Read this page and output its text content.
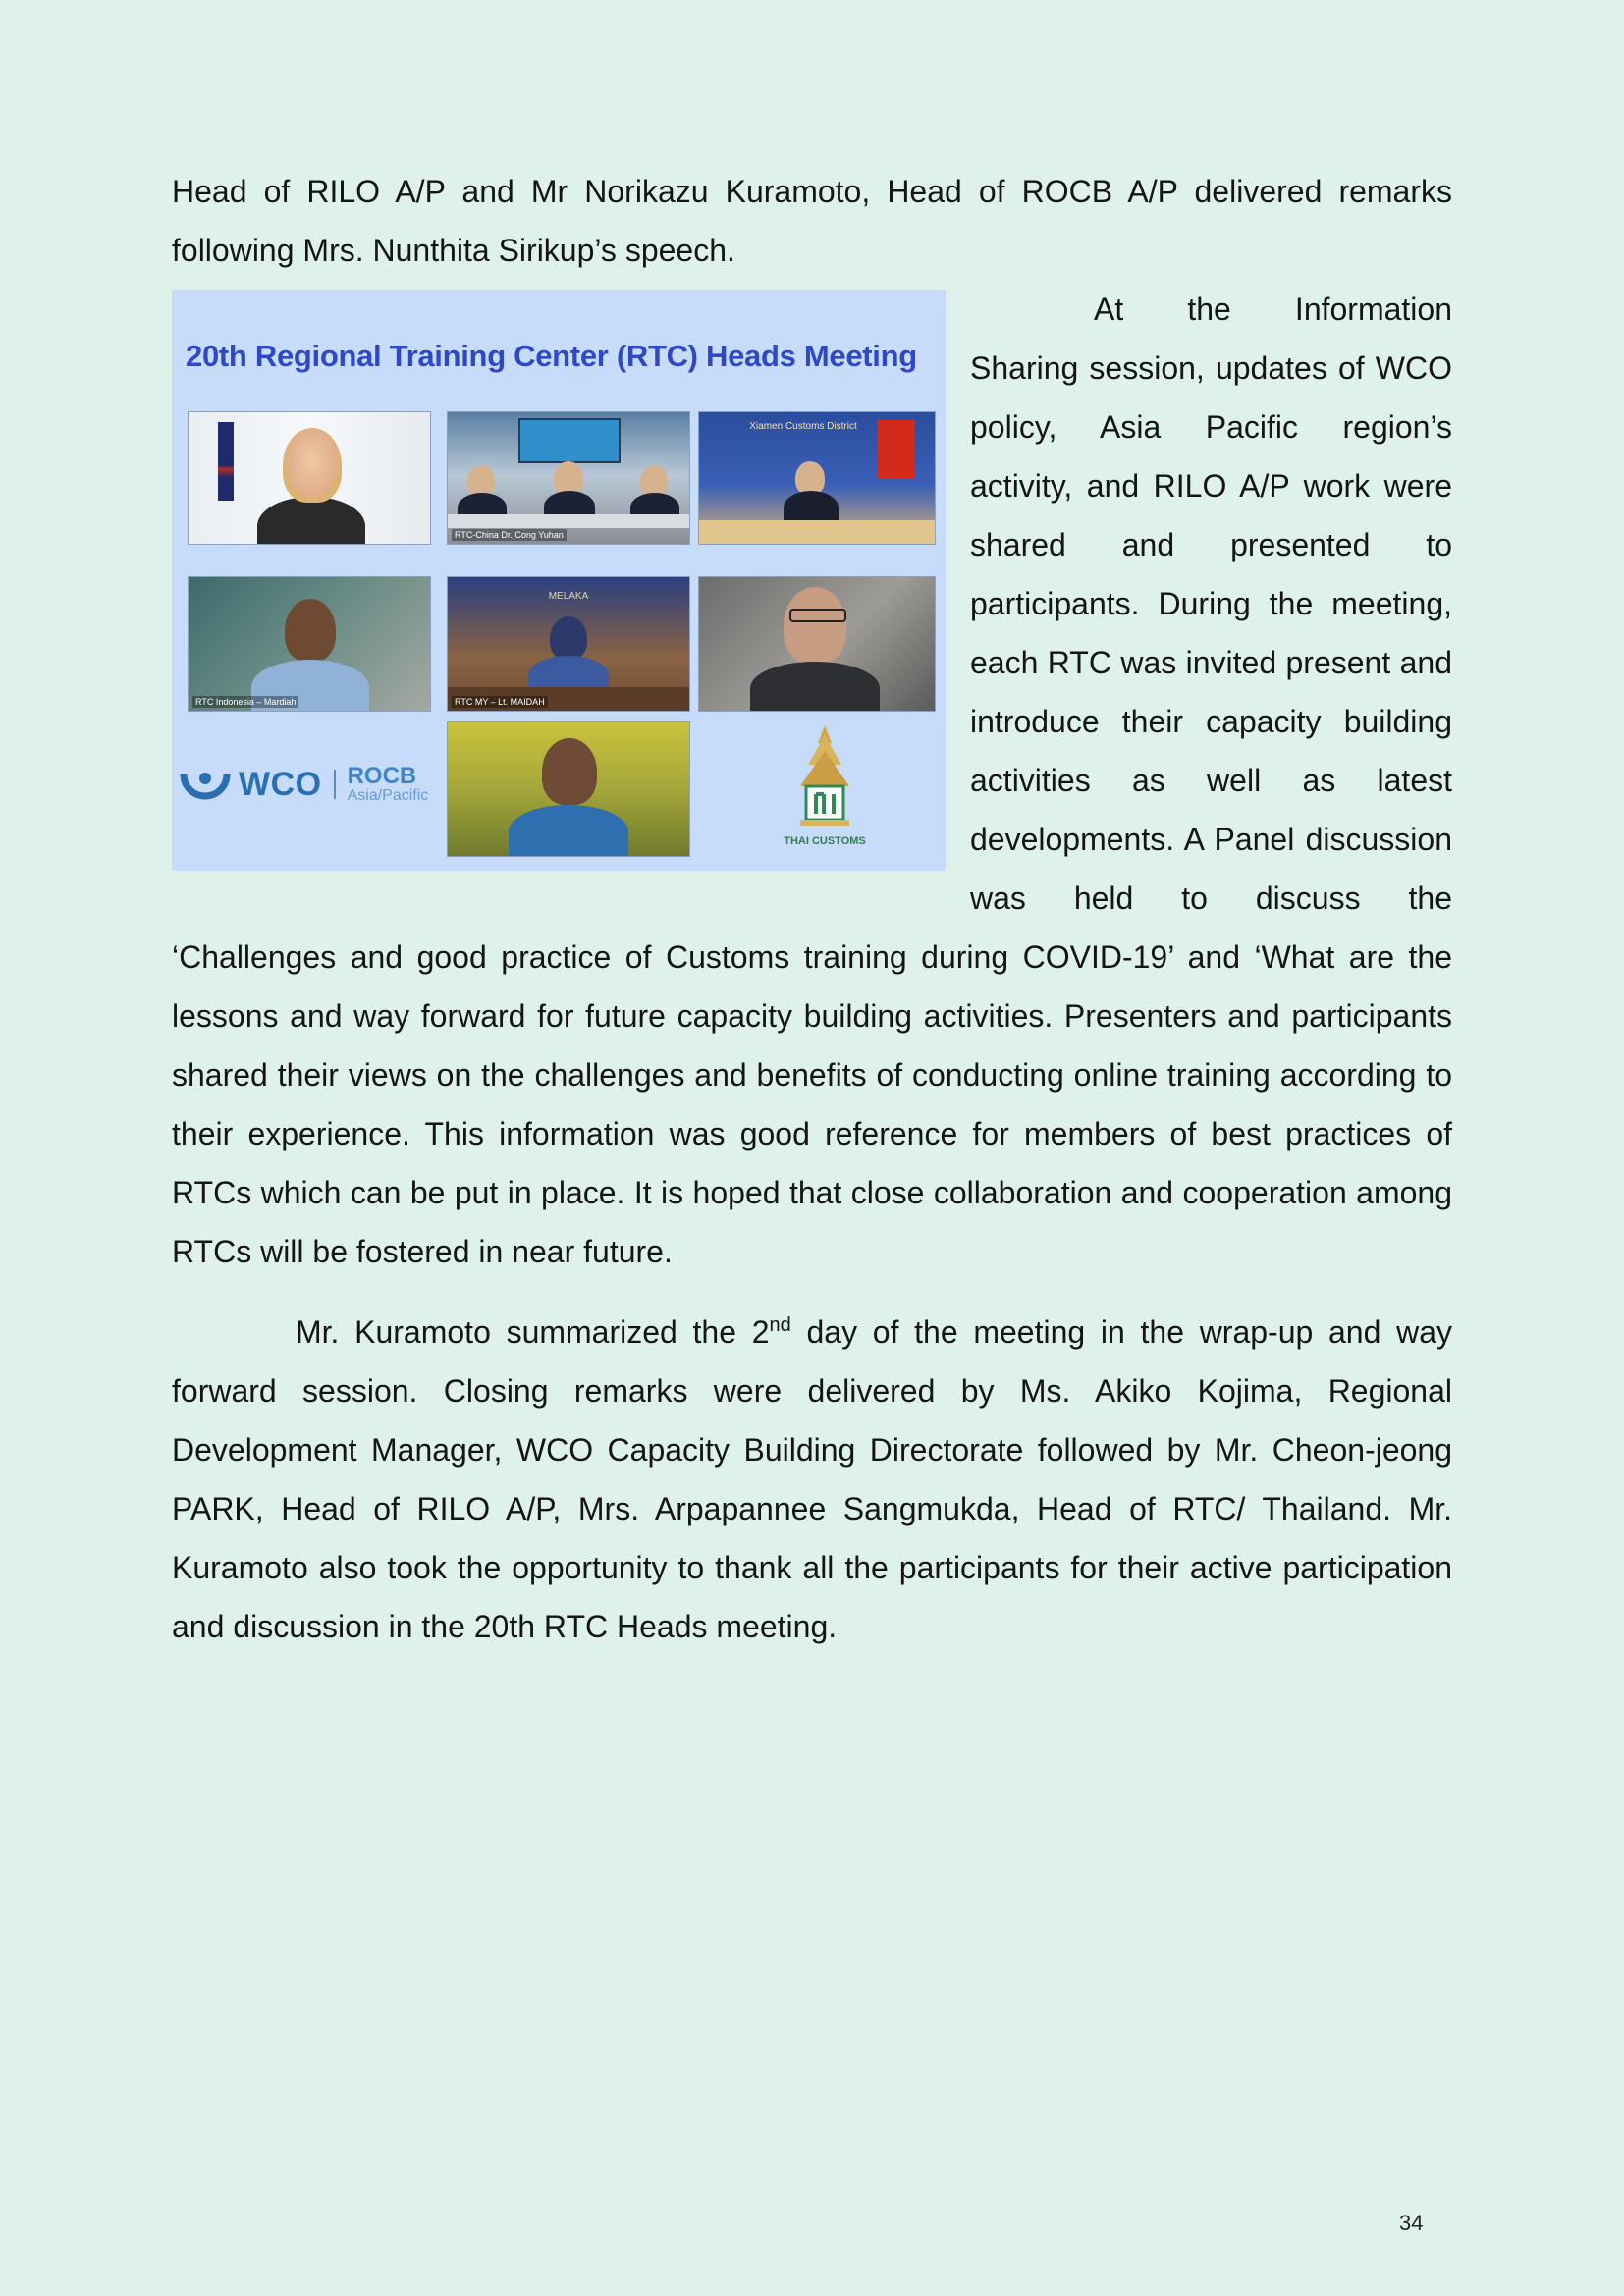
Head of RILO A/P and Mr Norikazu Kuramoto, Head of ROCB A/P delivered remarks following Mrs. Nunthita Sirikup’s speech.

20th Regional Training Center (RTC) Heads Meeting
RTC-China Dr. Cong Yuhan
Xiamen Customs District
RTC Indonesia – Mardiah
MELAKA
RTC MY – Lt. MAIDAH
WCO ROCB
Asia/Pacific
THAI CUSTOMS

At the Information Sharing session, updates of WCO policy, Asia Pacific region’s activity, and RILO A/P work were shared and presented to participants. During the meeting, each RTC was invited present and introduce their capacity building activities as well as latest developments. A Panel discussion was held to discuss the ‘Challenges and good practice of Customs training during COVID-19’ and ‘What are the lessons and way forward for future capacity building activities. Presenters and participants shared their views on the challenges and benefits of conducting online training according to their experience. This information was good reference for members of best practices of RTCs which can be put in place. It is hoped that close collaboration and cooperation among RTCs will be fostered in near future.

Mr. Kuramoto summarized the 2nd day of the meeting in the wrap-up and way forward session. Closing remarks were delivered by Ms. Akiko Kojima, Regional Development Manager, WCO Capacity Building Directorate followed by Mr. Cheon-jeong PARK, Head of RILO A/P, Mrs. Arpapannee Sangmukda, Head of RTC/ Thailand. Mr. Kuramoto also took the opportunity to thank all the participants for their active participation and discussion in the 20th RTC Heads meeting.

34
